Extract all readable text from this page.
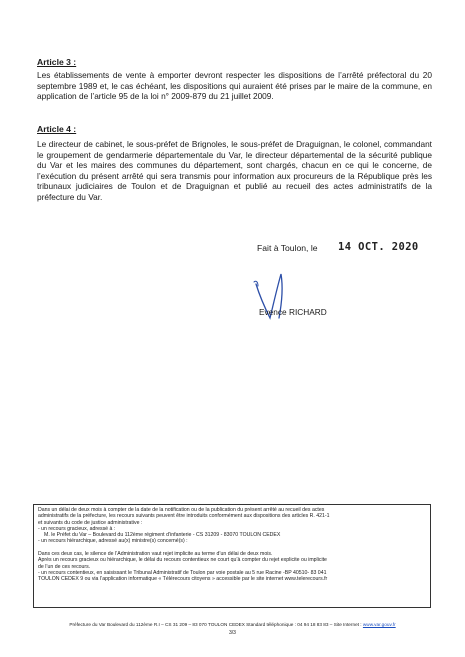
Article 3 :
Les établissements de vente à emporter devront respecter les dispositions de l’arrêté préfectoral du 20 septembre 1989 et, le cas échéant, les dispositions qui auraient été prises par le maire de la commune, en application de l’article 95 de la loi n° 2009-879 du 21 juillet 2009.
Article 4 :
Le directeur de cabinet, le sous-préfet de Brignoles, le sous-préfet de Draguignan, le colonel, commandant le groupement de gendarmerie départementale du Var, le directeur départemental de la sécurité publique du Var et les maires des communes du département, sont chargés, chacun en ce qui le concerne, de l’exécution du présent arrêté qui sera transmis pour information aux procureurs de la République près les tribunaux judiciaires de Toulon et de Draguignan et publié au recueil des actes administratifs de la préfecture du Var.
Fait à Toulon, le 14 OCT. 2020
Evence RICHARD
Dans un délai de deux mois à compter de la date de la notification ou de la publication du présent arrêté au recueil des actes
administratifs de la préfecture, les recours suivants peuvent être introduits conformément aux dispositions des articles R. 421-1
et suivants du code de justice administrative :
- un recours gracieux, adressé à :
M. le Préfet du Var – Boulevard du 112ème régiment d’infanterie - CS 31209 - 83070 TOULON CEDEX
- un recours hiérarchique, adressé au(x) ministre(s) concerné(s) :

Dans ces deux cas, le silence de l’Administration vaut rejet implicite au terme d’un délai de deux mois.
Après un recours gracieux ou hiérarchique, le délai du recours contentieux ne court qu’à compter du rejet explicite ou implicite
de l’un de ces recours.
- un recours contentieux, en saisissant le Tribunal Administratif de Toulon par voie postale au 5 rue Racine -BP 40510- 83 041
TOULON CEDEX 9 ou via l’application informatique « Télérecours citoyens » accessible par le site internet www.telerecours.fr
Préfecture du Var Boulevard du 112ème R.I – CS 31 209 – 83 070 TOULON CEDEX Standard téléphonique : 04 94 18 83 83 – Site Internet : www.var.gouv.fr
3/3
